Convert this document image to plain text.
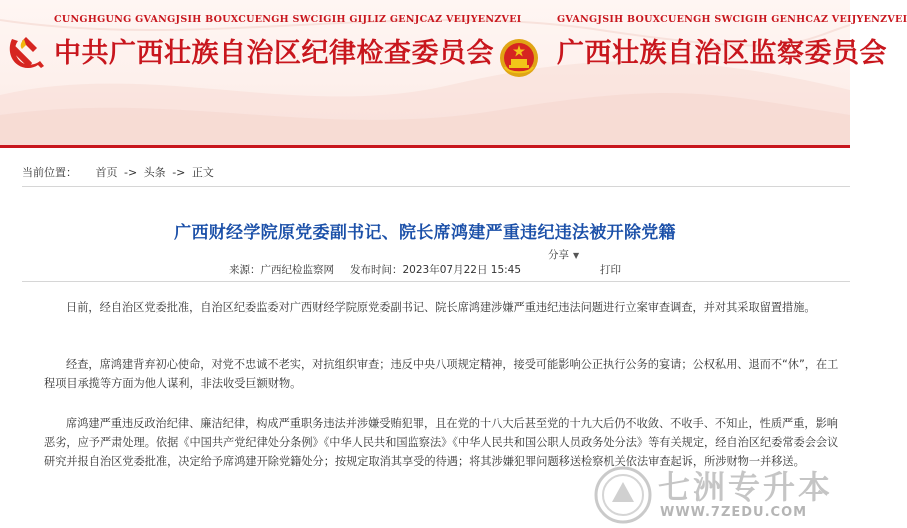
CUNGHGUNG GVANGJSIH BOUXCUENGH SWCIGIH GIJLIZ GENJCAZ VEIJYENZVEI
中共广西壮族自治区纪律检查委员会
GVANGJSIH BOUXCUENGH SWCIGIH GENHCAZ VEIJYENZVEI
广西壮族自治区监察委员会
当前位置： 首页 -> 头条 -> 正文
广西财经学院原党委副书记、院长席鸿建严重违纪违法被开除党籍
分享 ▼
来源：广西纪检监察网 发布时间：2023年07月22日 15:45	打印
日前，经自治区党委批准，自治区纪委监委对广西财经学院原党委副书记、院长席鸿建涉嫌严重违纪违法问题进行立案审查调查，并对其采取留置措施。
经查，席鸿建背弃初心使命，对党不忠诚不老实，对抗组织审查；违反中央八项规定精神，接受可能影响公正执行公务的宴请；公权私用、退而不“休”，在工程项目承揽等方面为他人谋利，非法收受巨额财物。
席鸿建严重违反政治纪律、廉洁纪律，构成严重职务违法并涉嫌受贿犯罪，且在党的十八大后甚至党的十九大后仍不收敛、不收手、不知止，性质严重，影响恶劣，应予严肃处理。依据《中国共产党纪律处分条例》《中华人民共和国监察法》《中华人民共和国公职人员政务处分法》等有关规定，经自治区纪委常委会会议研究并报自治区党委批准，决定给予席鸿建开除党籍处分；按规定取消其享受的待遇；将其涉嫌犯罪问题移送检察机关依法审查起诉，所涉财物一并移送。
七洲专升本
WWW.7ZEDU.COM
